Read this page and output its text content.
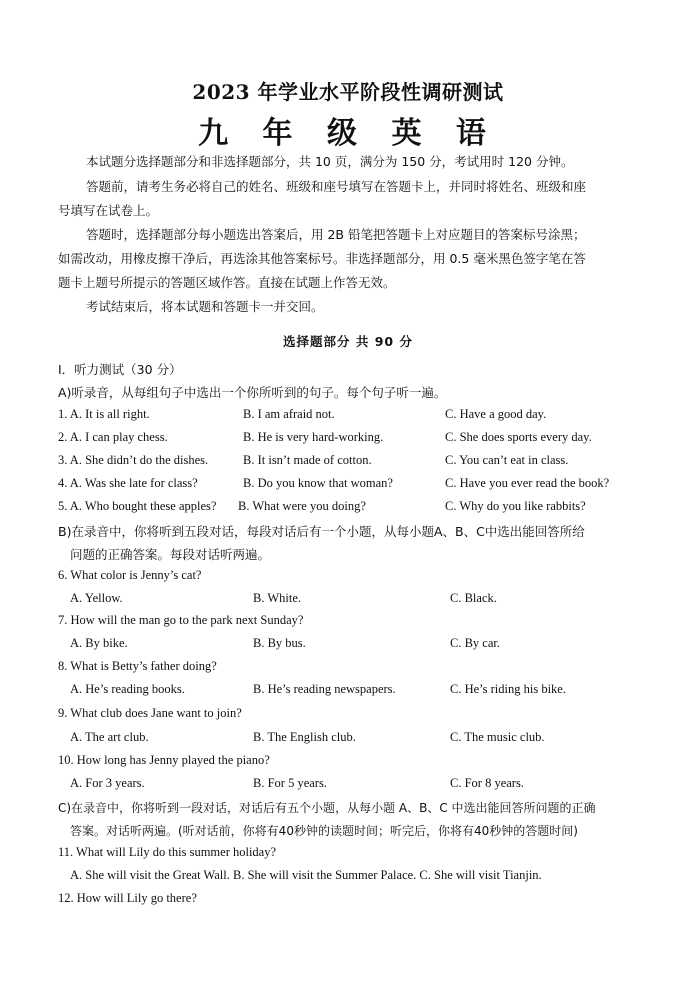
2023 年学业水平阶段性调研测试
九 年 级 英 语
本试题分选择题部分和非选择题部分，共 10 页，满分为 150 分，考试用时 120 分钟。
答题前，请考生务必将自己的姓名、班级和座号填写在答题卡上，并同时将姓名、班级和座
号填写在试卷上。
答题时，选择题部分每小题选出答案后，用 2B 铅笔把答题卡上对应题目的答案标号涂黑；
如需改动，用橡皮擦干净后，再选涂其他答案标号。非选择题部分，用 0.5 毫米黑色签字笔在答
题卡上题号所提示的答题区域作答。直接在试题上作答无效。
考试结束后，将本试题和答题卡一并交回。
选择题部分 共 90 分
I．听力测试（30 分）
A)听录音，从每组句子中选出一个你所听到的句子。每个句子听一遍。
1. A. It is all right.	B. I am afraid not.	C. Have a good day.
2. A. I can play chess.	B. He is very hard-working.	C. She does sports every day.
3. A. She didn’t do the dishes.	B. It isn’t made of cotton.	C. You can’t eat in class.
4. A. Was she late for class?	B. Do you know that woman?	C. Have you ever read the book?
5. A. Who bought these apples? B. What were you doing?	C. Why do you like rabbits?
B)在录音中，你将听到五段对话，每段对话后有一个小题，从每小题A、B、C中选出能回答所给
问题的正确答案。每段对话听两遍。
6. What color is Jenny’s cat?
A. Yellow.	B. White.	C. Black.
7. How will the man go to the park next Sunday?
A. By bike.	B. By bus.	C. By car.
8. What is Betty’s father doing?
A. He’s reading books.	B. He’s reading newspapers.	C. He’s riding his bike.
9. What club does Jane want to join?
A. The art club.	B. The English club.	C. The music club.
10. How long has Jenny played the piano?
A. For 3 years.	B. For 5 years.	C. For 8 years.
C)在录音中，你将听到一段对话，对话后有五个小题，从每小题 A、B、C 中选出能回答所问题的正确
答案。对话听两遍。(听对话前，你将有40秒钟的读题时间；听完后，你将有40秒钟的答题时间)
11. What will Lily do this summer holiday?
A. She will visit the Great Wall. B. She will visit the Summer Palace. C. She will visit Tianjin.
12. How will Lily go there?
